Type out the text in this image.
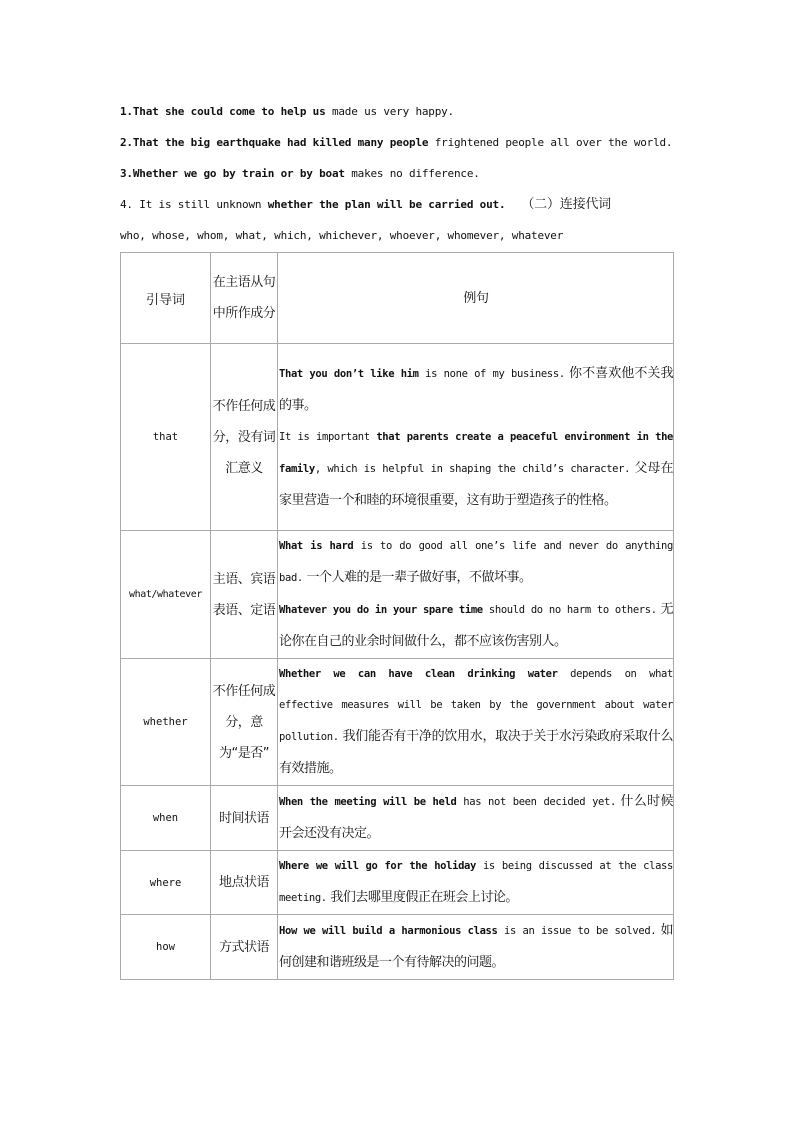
1.That she could come to help us made us very happy.

2.That the big earthquake had killed many people frightened people all over the world.

3.Whether we go by train or by boat makes no difference.

4. It is still unknown whether the plan will be carried out. （二）连接代词

who, whose, whom, what, which, whichever, whoever, whomever, whatever

引导词	在主语从句中所作成分	例句
that	不作任何成分，没有词汇意义	That you don’t like him is none of my business. 你不喜欢他不关我的事。
It is important that parents create a peaceful environment in the family, which is helpful in shaping the child’s character. 父母在家里营造一个和睦的环境很重要，这有助于塑造孩子的性格。
what/whatever	主语、宾语表语、定语	What is hard is to do good all one’s life and never do anything bad. 一个人难的是一辈子做好事，不做坏事。
Whatever you do in your spare time should do no harm to others. 无论你在自己的业余时间做什么，都不应该伤害别人。
whether	不作任何成分，意为“是否”	Whether we can have clean drinking water depends on what effective measures will be taken by the government about water pollution. 我们能否有干净的饮用水，取决于关于水污染政府采取什么有效措施。
when	时间状语	When the meeting will be held has not been decided yet. 什么时候开会还没有决定。
where	地点状语	Where we will go for the holiday is being discussed at the class meeting. 我们去哪里度假正在班会上讨论。
how	方式状语	How we will build a harmonious class is an issue to be solved. 如何创建和谐班级是一个有待解决的问题。
